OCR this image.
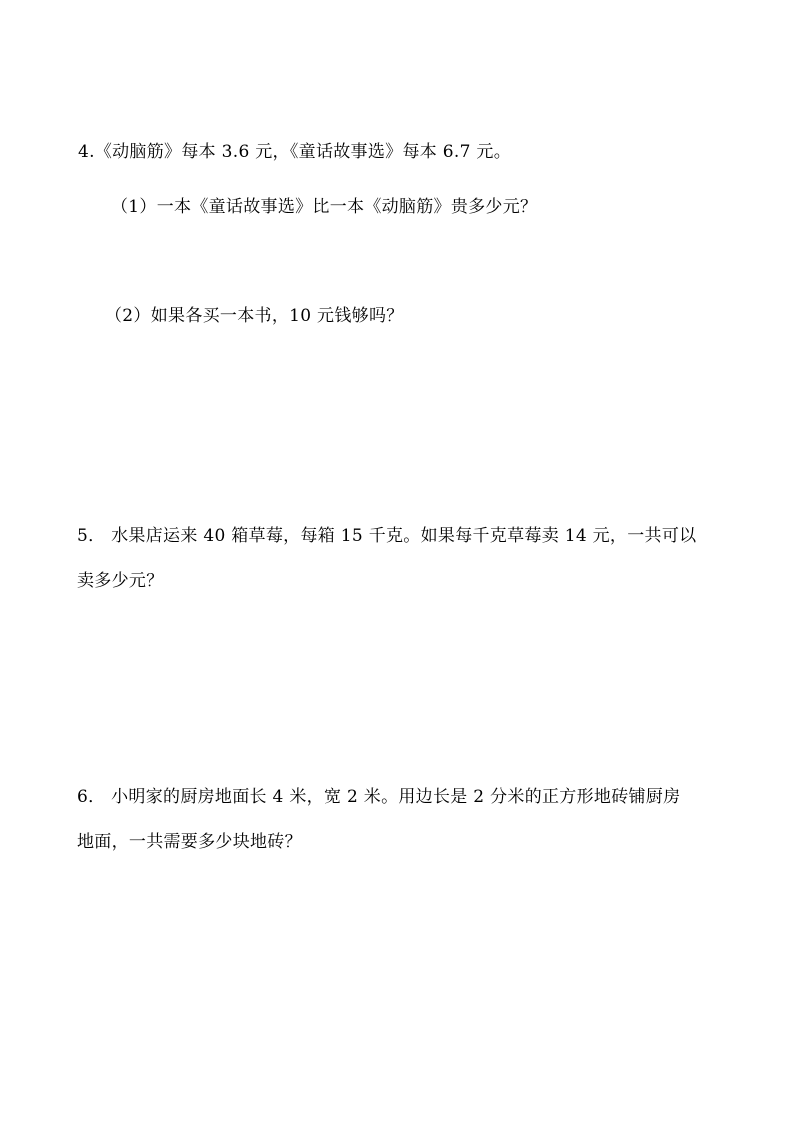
4.《动脑筋》每本 3.6 元，《童话故事选》每本 6.7 元。
（1）一本《童话故事选》比一本《动脑筋》贵多少元？
（2）如果各买一本书，10 元钱够吗？
5． 水果店运来 40 箱草莓，每箱 15 千克。如果每千克草莓卖 14 元，一共可以
卖多少元？
6． 小明家的厨房地面长 4 米，宽 2 米。用边长是 2 分米的正方形地砖铺厨房
地面，一共需要多少块地砖？
